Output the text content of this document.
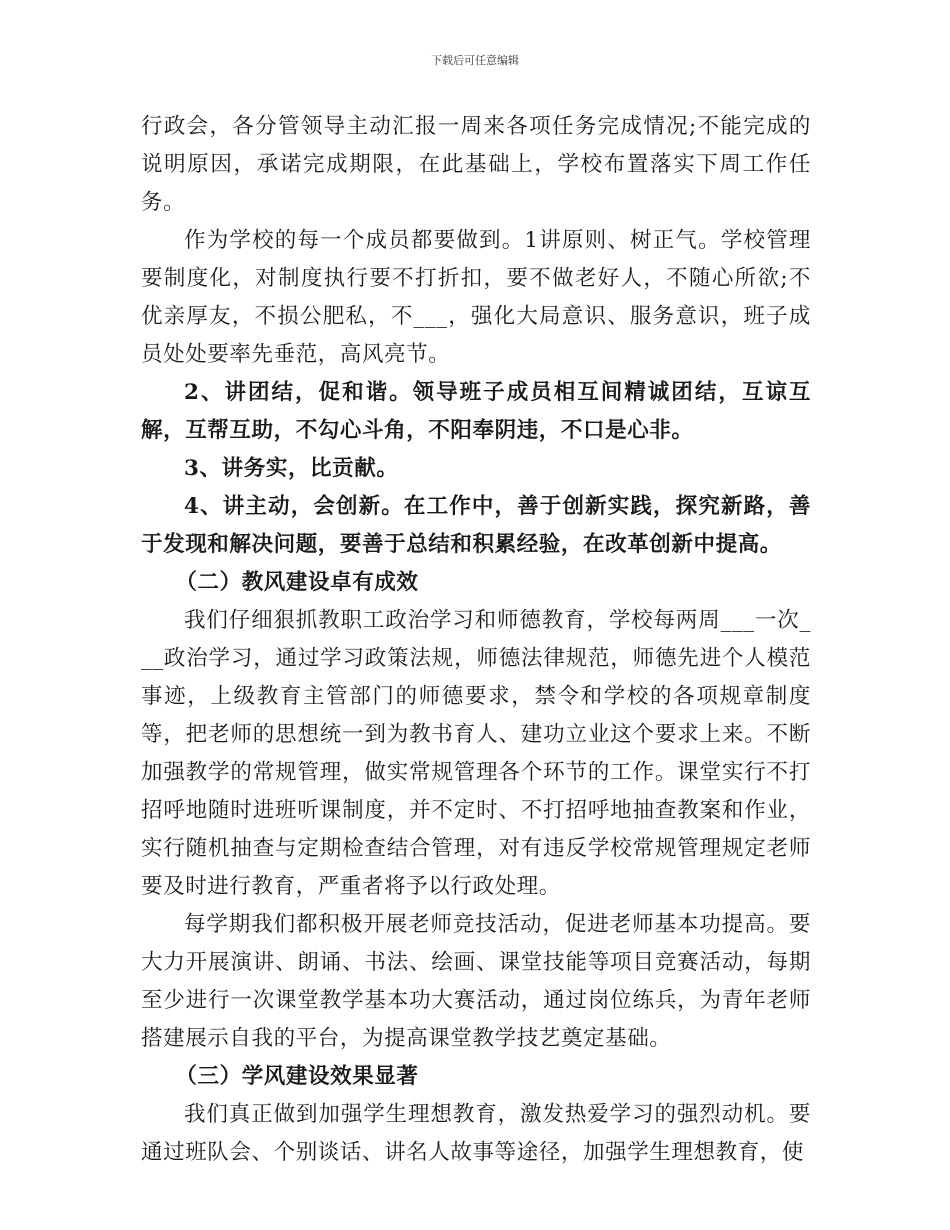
下载后可任意编辑

行政会，各分管领导主动汇报一周来各项任务完成情况;不能完成的说明原因，承诺完成期限，在此基础上，学校布置落实下周工作任务。

作为学校的每一个成员都要做到。1讲原则、树正气。学校管理要制度化，对制度执行要不打折扣，要不做老好人，不随心所欲;不优亲厚友，不损公肥私，不___，强化大局意识、服务意识，班子成员处处要率先垂范，高风亮节。

2、讲团结，促和谐。领导班子成员相互间精诚团结，互谅互解，互帮互助，不勾心斗角，不阳奉阴违，不口是心非。

3、讲务实，比贡献。

4、讲主动，会创新。在工作中，善于创新实践，探究新路，善于发现和解决问题，要善于总结和积累经验，在改革创新中提高。

（二）教风建设卓有成效

我们仔细狠抓教职工政治学习和师德教育，学校每两周___一次___政治学习，通过学习政策法规，师德法律规范，师德先进个人模范事迹，上级教育主管部门的师德要求，禁令和学校的各项规章制度等，把老师的思想统一到为教书育人、建功立业这个要求上来。不断加强教学的常规管理，做实常规管理各个环节的工作。课堂实行不打招呼地随时进班听课制度，并不定时、不打招呼地抽查教案和作业，实行随机抽查与定期检查结合管理，对有违反学校常规管理规定老师要及时进行教育，严重者将予以行政处理。

每学期我们都积极开展老师竞技活动，促进老师基本功提高。要大力开展演讲、朗诵、书法、绘画、课堂技能等项目竞赛活动，每期至少进行一次课堂教学基本功大赛活动，通过岗位练兵，为青年老师搭建展示自我的平台，为提高课堂教学技艺奠定基础。

（三）学风建设效果显著

我们真正做到加强学生理想教育，激发热爱学习的强烈动机。要通过班队会、个别谈话、讲名人故事等途径，加强学生理想教育，使
